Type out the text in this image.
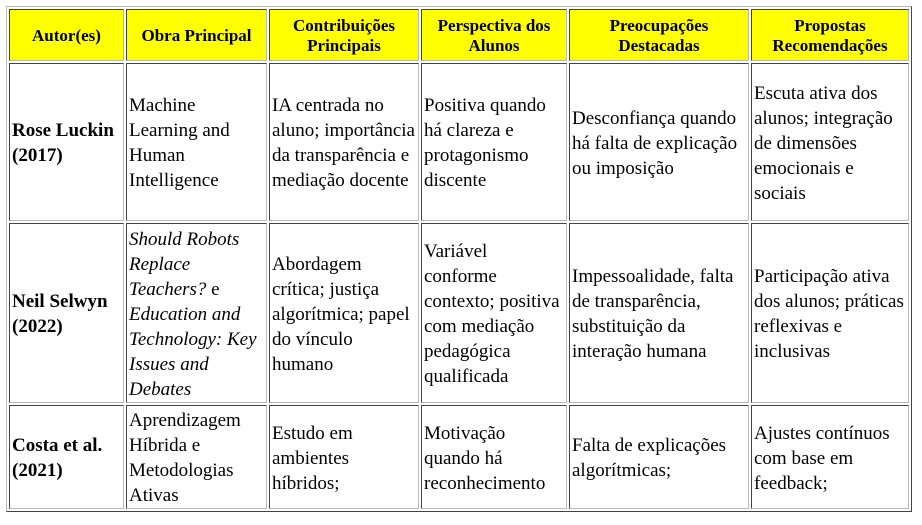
Autor(es)	Obra Principal	Contribuições Principais	Perspectiva dos Alunos	Preocupações Destacadas	Propostas Recomendações
Rose Luckin (2017)	Machine Learning and Human Intelligence	IA centrada no aluno; importância da transparência e mediação docente	Positiva quando há clareza e protagonismo discente	Desconfiança quando há falta de explicação ou imposição	Escuta ativa dos alunos; integração de dimensões emocionais e sociais
Neil Selwyn (2022)	Should Robots Replace Teachers? e Education and Technology: Key Issues and Debates	Abordagem crítica; justiça algorítmica; papel do vínculo humano	Variável conforme contexto; positiva com mediação pedagógica qualificada	Impessoalidade, falta de transparência, substituição da interação humana	Participação ativa dos alunos; práticas reflexivas e inclusivas
Costa et al. (2021)	Aprendizagem Híbrida e Metodologias Ativas	Estudo em ambientes híbridos;	Motivação quando há reconhecimento	Falta de explicações algorítmicas;	Ajustes contínuos com base em feedback;
